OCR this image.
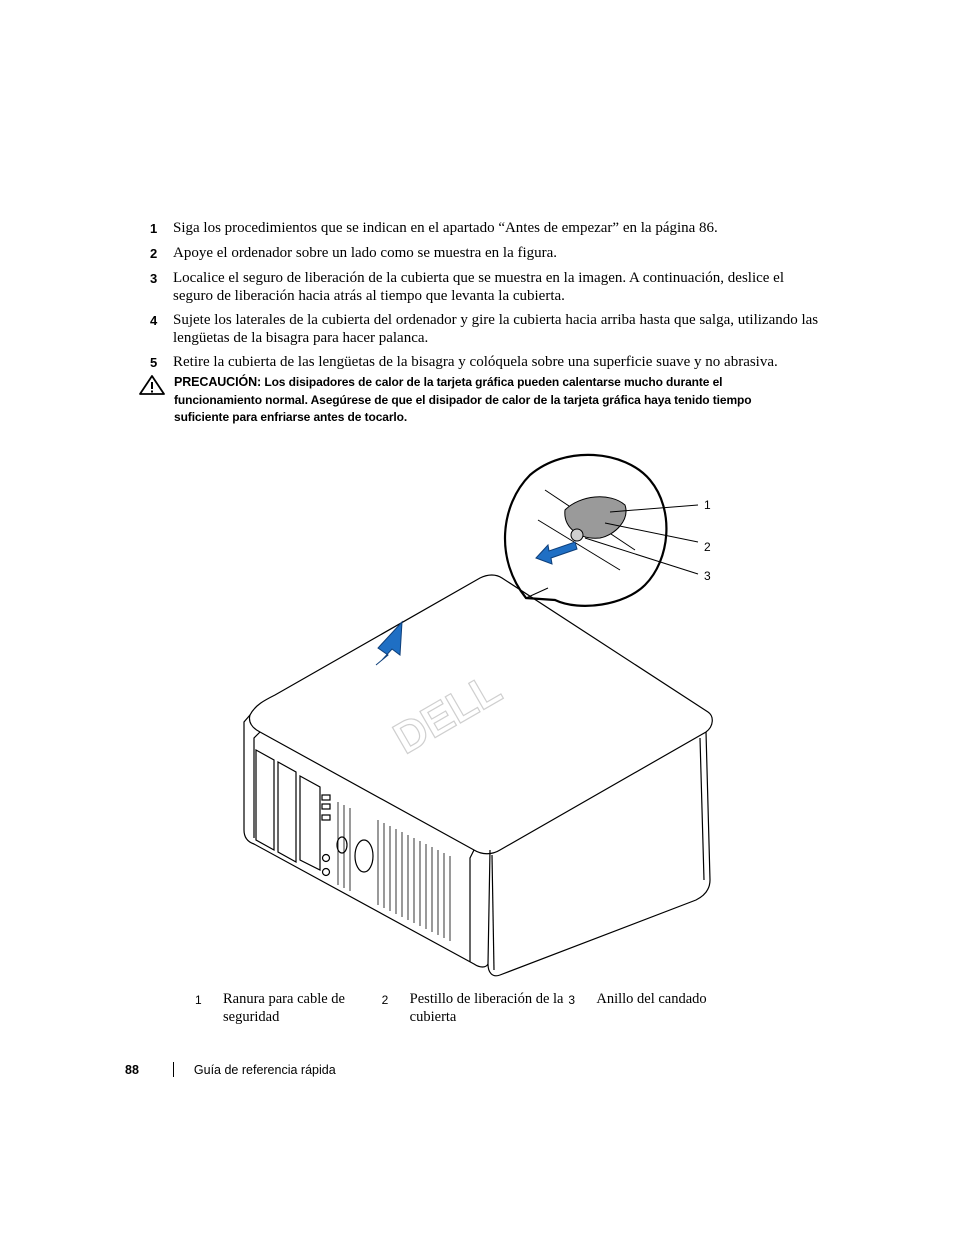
1	Siga los procedimientos que se indican en el apartado “Antes de empezar” en la página 86.
2	Apoye el ordenador sobre un lado como se muestra en la figura.
3	Localice el seguro de liberación de la cubierta que se muestra en la imagen. A continuación, deslice el seguro de liberación hacia atrás al tiempo que levanta la cubierta.
4	Sujete los laterales de la cubierta del ordenador y gire la cubierta hacia arriba hasta que salga, utilizando las lengüetas de la bisagra para hacer palanca.
5	Retire la cubierta de las lengüetas de la bisagra y colóquela sobre una superficie suave y no abrasiva.
PRECAUCIÓN: Los disipadores de calor de la tarjeta gráfica pueden calentarse mucho durante el funcionamiento normal. Asegúrese de que el disipador de calor de la tarjeta gráfica haya tenido tiempo suficiente para enfriarse antes de tocarlo.
DELL
1
2
3
1	Ranura para cable de seguridad
2	Pestillo de liberación de la cubierta
3	Anillo del candado
88	Guía de referencia rápida
